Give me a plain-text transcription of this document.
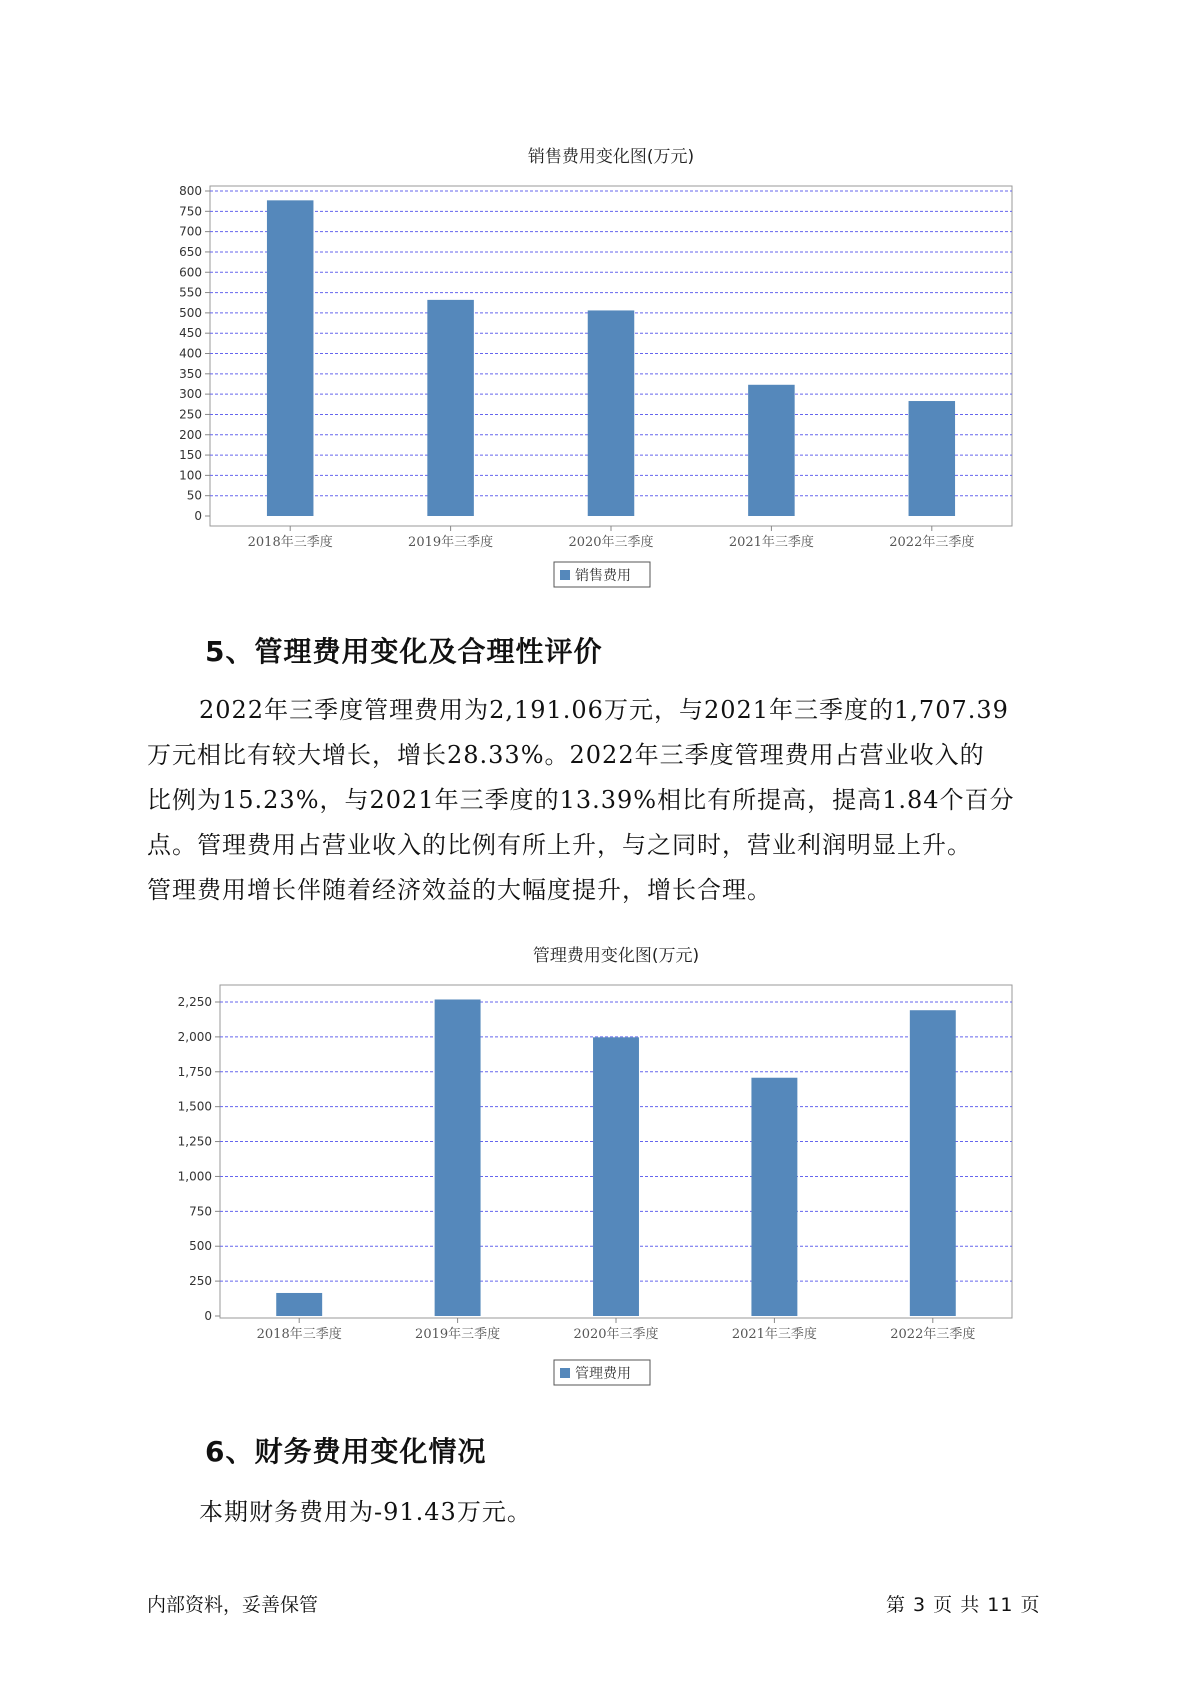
销售费用变化图(万元)
0
50
100
150
200
250
300
350
400
450
500
550
600
650
700
750
800
2018年三季度	2019年三季度	2020年三季度	2021年三季度	2022年三季度
销售费用
管理费用变化图(万元)
0
250
500
750
1,000
1,250
1,500
1,750
2,000
2,250
2018年三季度	2019年三季度	2020年三季度	2021年三季度	2022年三季度
管理费用
5、管理费用变化及合理性评价
2022年三季度管理费用为2,191.06万元，与2021年三季度的1,707.39
万元相比有较大增长，增长28.33%。2022年三季度管理费用占营业收入的
比例为15.23%，与2021年三季度的13.39%相比有所提高，提高1.84个百分
点。管理费用占营业收入的比例有所上升，与之同时，营业利润明显上升。
管理费用增长伴随着经济效益的大幅度提升，增长合理。
6、财务费用变化情况

本期财务费用为-91.43万元。

内部资料，妥善保管	第 3 页 共 11 页
